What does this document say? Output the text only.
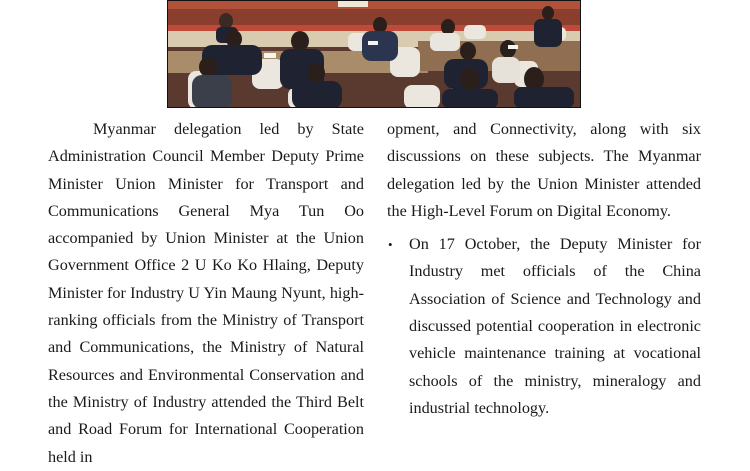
Myanmar delegation led by State Administration Council Member Deputy Prime Minister Union Minister for Transport and Communications General Mya Tun Oo accompanied by Union Minister at the Union Government Office 2 U Ko Ko Hlaing, Deputy Minister for Industry U Yin Maung Nyunt, high-ranking officials from the Ministry of Transport and Communications, the Ministry of Natural Resources and Environmental Conservation and the Ministry of Industry attended the Third Belt and Road Forum for International Cooperation held in

opment, and Connectivity, along with six discussions on these subjects. The Myanmar delegation led by the Union Minister attended the High-Level Forum on Digital Economy.

• On 17 October, the Deputy Minister for Industry met officials of the China Association of Science and Technology and discussed potential cooperation in electronic vehicle maintenance training at vocational schools of the ministry, mineralogy and industrial technology.
